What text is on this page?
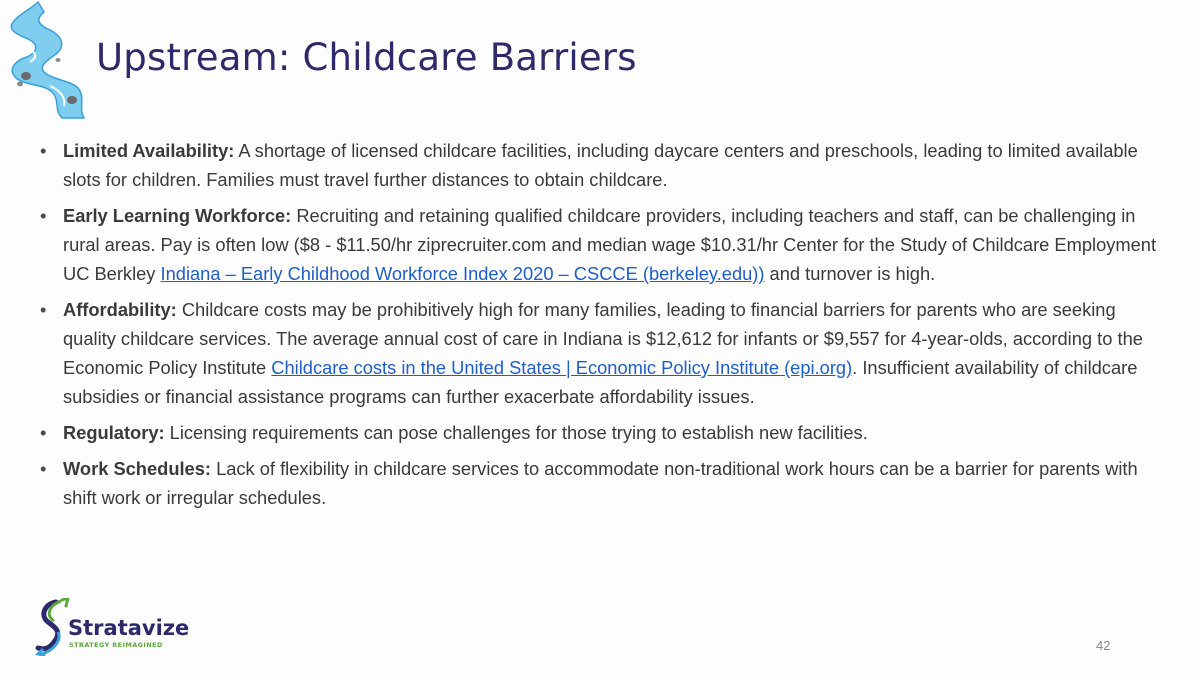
Upstream: Childcare Barriers
• Limited Availability: A shortage of licensed childcare facilities, including daycare centers and preschools, leading to limited available slots for children. Families must travel further distances to obtain childcare.
• Early Learning Workforce: Recruiting and retaining qualified childcare providers, including teachers and staff, can be challenging in rural areas. Pay is often low ($8 - $11.50/hr ziprecruiter.com and median wage $10.31/hr Center for the Study of Childcare Employment UC Berkley Indiana – Early Childhood Workforce Index 2020 – CSCCE (berkeley.edu)) and turnover is high.
• Affordability: Childcare costs may be prohibitively high for many families, leading to financial barriers for parents who are seeking quality childcare services. The average annual cost of care in Indiana is $12,612 for infants or $9,557 for 4-year-olds, according to the Economic Policy Institute Childcare costs in the United States | Economic Policy Institute (epi.org). Insufficient availability of childcare subsidies or financial assistance programs can further exacerbate affordability issues.
• Regulatory: Licensing requirements can pose challenges for those trying to establish new facilities.
• Work Schedules: Lack of flexibility in childcare services to accommodate non-traditional work hours can be a barrier for parents with shift work or irregular schedules.
Stratavize
STRATEGY REIMAGINED	42
